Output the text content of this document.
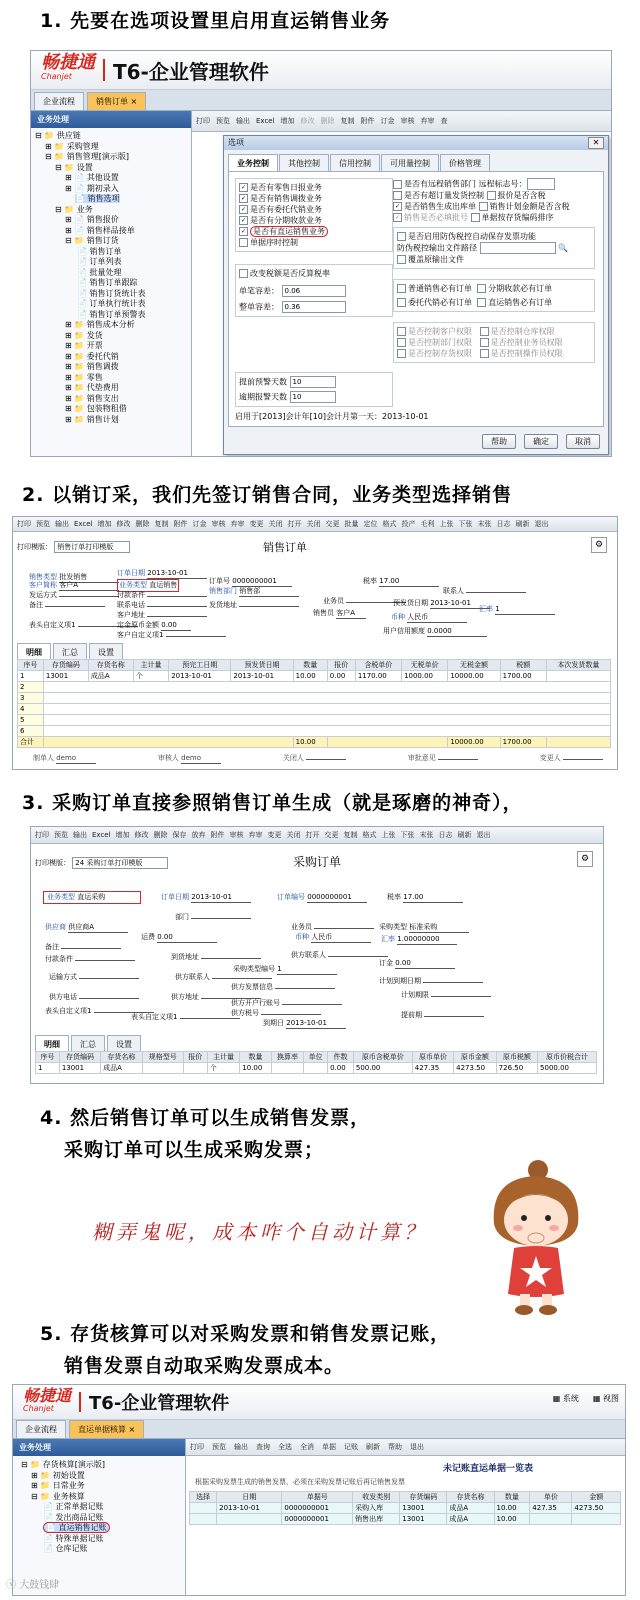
1. 先要在选项设置里启用直运销售业务
畅捷通
Chanjet	T6-企业管理软件
企业流程	销售订单 ×
业务处理
⊟ 📁 供应链
⊞ 📁 采购管理
⊟ 📁 销售管理[演示版]
⊟ 📁 设置
⊞ 📄 其他设置
⊞ 📄 期初录入
📄 销售选项
⊟ 📁 业务
⊞ 📄 销售报价
⊞ 📄 销售样品接单
⊟ 📁 销售订货
📄 销售订单
📄 订单列表
📄 批量处理
📄 销售订单跟踪
📄 销售订货统计表
📄 订单执行统计表
📄 销售订单预警表
⊞ 📁 销售成本分析
⊞ 📁 发货
⊞ 📁 开票
⊞ 📁 委托代销
⊞ 📁 销售调拨
⊞ 📁 零售
⊞ 📁 代垫费用
⊞ 📁 销售支出
⊞ 📁 包装物租借
⊞ 📁 销售计划
打印 预览 输出 Excel 增加 修改 删除 复制 附件 订金 审核 弃审 查
选项	✕
业务控制	其他控制	信用控制	可用量控制	价格管理
✓ 是否有零售日报业务
✓ 是否有销售调拨业务
✓ 是否有委托代销业务
✓ 是否有分期收款业务
✓ 是否有直运销售业务
单据序时控制
改变税额是否反算税率
单笔容差： 0.06
整单容差： 0.36
提前预警天数 10
逾期报警天数 10
是否有远程销售部门 远程标志号：
是否有超订量发货控制 报价是否含税
✓ 是否销售生成出库单 销售计划金额是否含税
✓ 销售是否必填批号 单据按存货编码排序
是否启用防伪税控自动保存发票功能
防伪税控输出文件路径	🔍
覆盖原输出文件
普通销售必有订单 分期收款必有订单
委托代销必有订单 直运销售必有订单
是否控制客户权限 是否控制仓库权限
是否控制部门权限 是否控制业务员权限
是否控制存货权限 是否控制操作员权限
启用于[2013]会计年[10]会计月第一天：2013-10-01
帮助	确定	取消
2. 以销订采，我们先签订销售合同，业务类型选择销售
打印 预览 输出 Excel 增加 修改 删除 复制 附件 订金 审核 弃审 变更 关闭 打开 关闭 交更 批量 定位 格式 投产 毛利 上张 下张 末张 日志 刷新 退出
打印模版： 销售订单打印模版	销售订单	⚙
销售类型 批发销售	订单日期 2013-10-01
订单号 0000000001
客户简称 客户A	业务类型 直运销售
销售部门 销售部
税率 17.00
发运方式	付款条件
备注	联系电话
客户地址
发货地址	业务员
联系人
销售员 客户A	币种 人民币
汇率 1
预发货日期 2013-10-01
表头自定义项1	定金原币金额 0.00
客户自定义项1	用户信用额度 0.0000
明细	汇总	设置
序号	存货编码	存货名称	主计量	预完工日期	预发货日期	数量	报价	含税单价	无税单价	无税金额	税额	本次发货数量
1	13001	成品A	个	2013-10-01	2013-10-01	10.00	0.00	1170.00	1000.00	10000.00	1700.00	
2												
3												
4												
5												
6												
合计						10.00				10000.00	1700.00	
制单人 demo	审核人 demo	关闭人	审批意见	变更人
3. 采购订单直接参照销售订单生成（就是琢磨的神奇），
打印 预览 输出 Excel 增加 修改 删除 保存 放弃 附件 审核 弃审 变更 关闭 打开 交更 复制 格式 上张 下张 末张 日志 刷新 退出
打印模版： 24 采购订单打印模版	采购订单	⚙
业务类型 直运采购	订单日期 2013-10-01	订单编号 0000000001	税率 17.00
部门
供应商 供应商A	业务员	采购类型 标准采购
运费 0.00	币种 人民币	汇率 1.00000000
备注
到货地址	供方联系人
付款条件
运输方式	供方联系人
采购类型编号 1
订金 0.00
供方电话	供方地址
计划到期日期
供方发票信息
计划期限
表头自定义项1
表头自定义项1
供方开户行账号
供方税号
到期日 2013-10-01
提前期
明细	汇总	设置
序号	存货编码	存货名称	规格型号	报价	主计量	数量	换算率	单位	件数	原币含税单价	原币单价	原币金额	原币税额	原币价税合计
1	13001	成品A			个	10.00			0.00	500.00	427.35	4273.50	726.50	5000.00
4. 然后销售订单可以生成销售发票，
采购订单可以生成采购发票；
糊弄鬼呢，成本咋个自动计算？
5. 存货核算可以对采购发票和销售发票记账，
销售发票自动取采购发票成本。
畅捷通
Chanjet	T6-企业管理软件	▦ 系统 ▦ 视图
企业流程	直运单据核算 ×
业务处理
⊟ 📁 存货核算[演示版]
⊞ 📁 初始设置
⊞ 📁 日常业务
⊟ 📁 业务核算
📄 正常单据记账
📄 发出商品记账
📄 直运销售记账
📄 特殊单据记账
📄 仓库记账
打印 预览 输出 查询 全选 全消 单据 记账 刷新 帮助 退出
未记账直运单据一览表
根据采购发票生成的销售发票，必须在采购发票记账后再记销售发票
选择	日期	单据号	收发类别	存货编码	存货名称	数量	单价	金额
	2013-10-01	0000000001	采购入库	13001	成品A	10.00	427.35	4273.50
		0000000001	销售出库	13001	成品A	10.00		
ⓢ 大鼓钱肆
